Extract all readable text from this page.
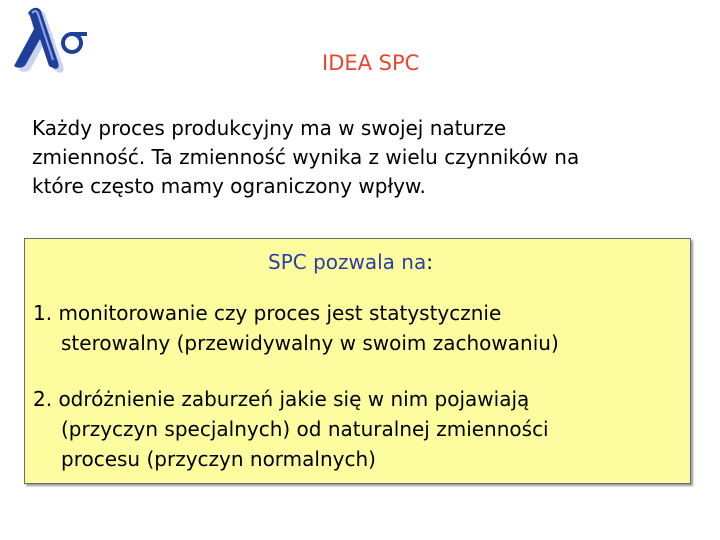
IDEA SPC
Każdy proces produkcyjny ma w swojej naturze
zmienność. Ta zmienność wynika z wielu czynników na
które często mamy ograniczony wpływ.
SPC pozwala na:
1. monitorowanie czy proces jest statystycznie
sterowalny (przewidywalny w swoim zachowaniu)
2. odróżnienie zaburzeń jakie się w nim pojawiają
(przyczyn specjalnych) od naturalnej zmienności
procesu (przyczyn normalnych)
